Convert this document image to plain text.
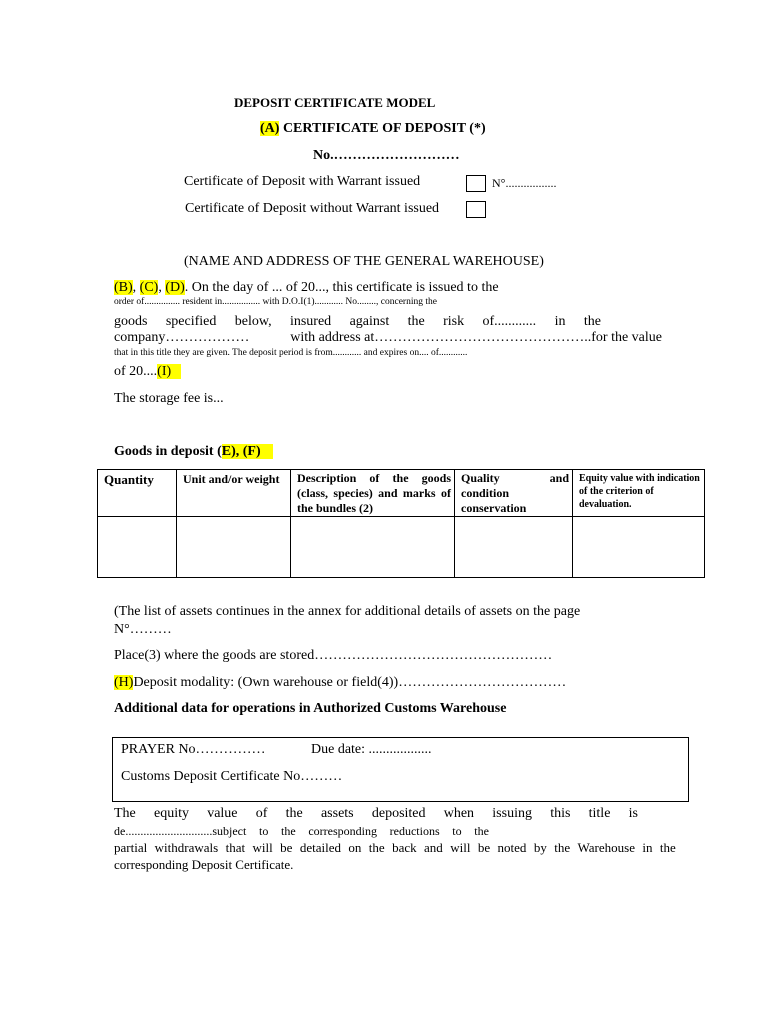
DEPOSIT CERTIFICATE MODEL
(A) CERTIFICATE OF DEPOSIT (*)
No.………………………
Certificate of Deposit with Warrant issued	N°.................
Certificate of Deposit without Warrant issued
(NAME AND ADDRESS OF THE GENERAL WAREHOUSE)
(B), (C), (D). On the day of ... of 20..., this certificate is issued to the
order of............... resident in................ with D.O.I(1)............ No........, concerning the
goods specified below, insured against the risk of............ in the
company………………	with address at………………………………………..for the value
that in this title they are given. The deposit period is from............ and expires on.... of............
of 20....(I)
The storage fee is...
Goods in deposit (E), (F)
Quantity	Unit and/or weight	Description of the goods (class, species) and marks of the bundles (2)	Quality and condition conservation	Equity value with indication of the criterion of devaluation.

(The list of assets continues in the annex for additional details of assets on the page
N°………
Place(3) where the goods are stored……………………………………………
(H)Deposit modality: (Own warehouse or field(4))………………………………
Additional data for operations in Authorized Customs Warehouse
PRAYER No……………	Due date: ..................
Customs Deposit Certificate No………
The equity value of the assets deposited when issuing this title is
de.............................subject to the corresponding reductions to the
partial withdrawals that will be detailed on the back and will be noted by the Warehouse in the
corresponding Deposit Certificate.
